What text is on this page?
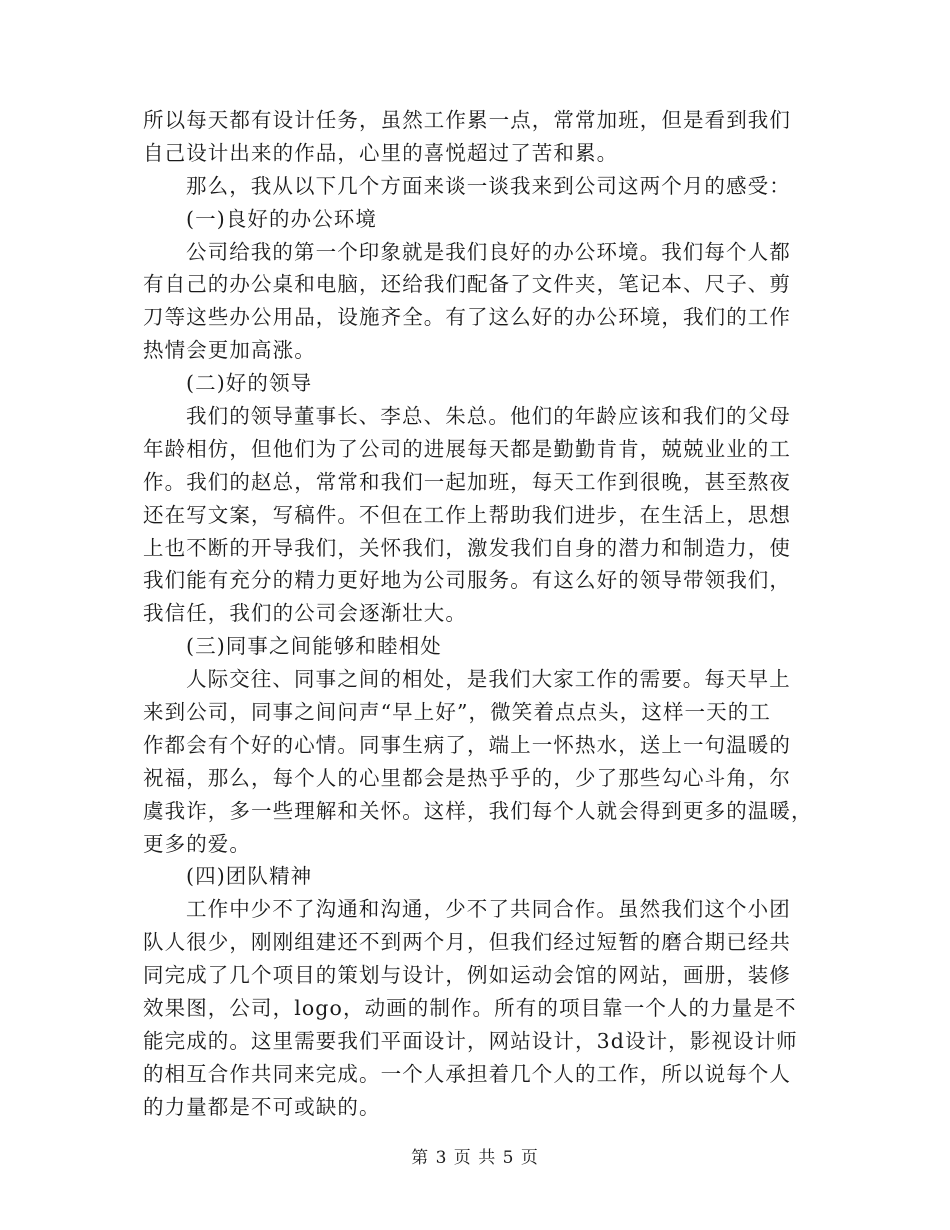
所以每天都有设计任务，虽然工作累一点，常常加班，但是看到我们
自己设计出来的作品，心里的喜悦超过了苦和累。
那么，我从以下几个方面来谈一谈我来到公司这两个月的感受：
(一)良好的办公环境
公司给我的第一个印象就是我们良好的办公环境。我们每个人都
有自己的办公桌和电脑，还给我们配备了文件夹，笔记本、尺子、剪
刀等这些办公用品，设施齐全。有了这么好的办公环境，我们的工作
热情会更加高涨。
(二)好的领导
我们的领导董事长、李总、朱总。他们的年龄应该和我们的父母
年龄相仿，但他们为了公司的进展每天都是勤勤肯肯，兢兢业业的工
作。我们的赵总，常常和我们一起加班，每天工作到很晚，甚至熬夜
还在写文案，写稿件。不但在工作上帮助我们进步，在生活上，思想
上也不断的开导我们，关怀我们，激发我们自身的潜力和制造力，使
我们能有充分的精力更好地为公司服务。有这么好的领导带领我们，
我信任，我们的公司会逐渐壮大。
(三)同事之间能够和睦相处
人际交往、同事之间的相处，是我们大家工作的需要。每天早上
来到公司，同事之间问声“早上好”，微笑着点点头，这样一天的工
作都会有个好的心情。同事生病了，端上一怀热水，送上一句温暖的
祝福，那么，每个人的心里都会是热乎乎的，少了那些勾心斗角，尔
虞我诈，多一些理解和关怀。这样，我们每个人就会得到更多的温暖，
更多的爱。
(四)团队精神
工作中少不了沟通和沟通，少不了共同合作。虽然我们这个小团
队人很少，刚刚组建还不到两个月，但我们经过短暂的磨合期已经共
同完成了几个项目的策划与设计，例如运动会馆的网站，画册，装修
效果图，公司，logo，动画的制作。所有的项目靠一个人的力量是不
能完成的。这里需要我们平面设计，网站设计，3d设计，影视设计师
的相互合作共同来完成。一个人承担着几个人的工作，所以说每个人
的力量都是不可或缺的。
第 3 页 共 5 页
